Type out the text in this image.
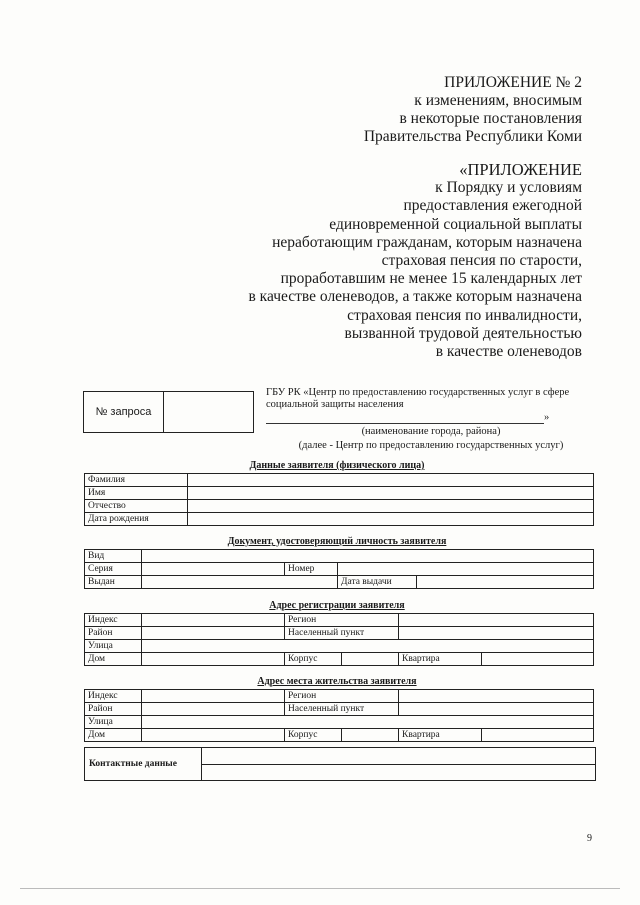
ПРИЛОЖЕНИЕ № 2
к изменениям, вносимым
в некоторые постановления
Правительства Республики Коми
«ПРИЛОЖЕНИЕ
к Порядку и условиям
предоставления ежегодной
единовременной социальной выплаты
неработающим гражданам, которым назначена
страховая пенсия по старости,
проработавшим не менее 15 календарных лет
в качестве оленеводов, а также которым назначена
страховая пенсия по инвалидности,
вызванной трудовой деятельностью
в качестве оленеводов
№ запроса
ГБУ РК «Центр по предоставлению государственных услуг в сфере
социальной защиты населения
»
(наименование города, района)
(далее - Центр по предоставлению государственных услуг)
Данные заявителя (физического лица)
Фамилия	
Имя	
Отчество	
Дата рождения	
Документ, удостоверяющий личность заявителя
Вид				
Серия		Номер		
Выдан			Дата выдачи	
Адрес регистрации заявителя
Индекс		Регион		
Район		Населенный пункт		
Улица				
Дом		Корпус	Квартира	
Адрес места жительства заявителя
Индекс		Регион		
Район		Населенный пункт		
Улица				
Дом		Корпус	Квартира	
Контактные данные
9
